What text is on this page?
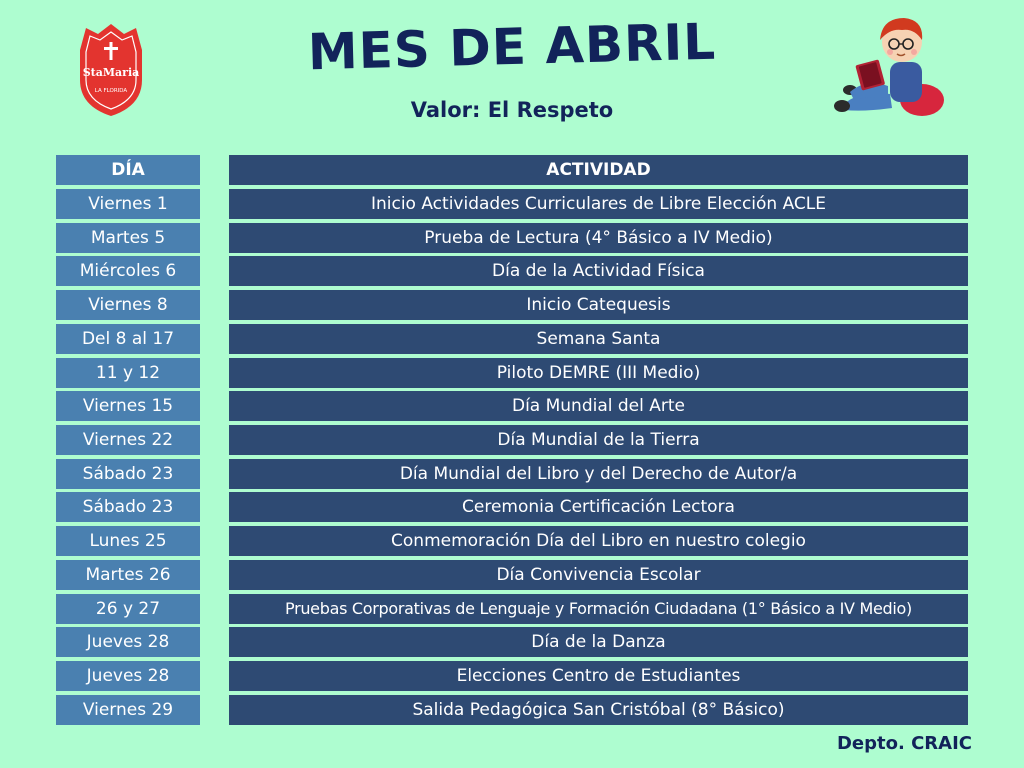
StaMaria
LA FLORIDA
MES DE ABRIL
Valor: El Respeto
DÍA	ACTIVIDAD
Viernes 1	Inicio Actividades Curriculares de Libre Elección ACLE
Martes 5	Prueba de Lectura (4° Básico a IV Medio)
Miércoles 6	Día de la Actividad Física
Viernes 8	Inicio Catequesis
Del 8 al 17	Semana Santa
11 y 12	Piloto DEMRE (III Medio)
Viernes 15	Día Mundial del Arte
Viernes 22	Día Mundial de la Tierra
Sábado 23	Día Mundial del Libro y del Derecho de Autor/a
Sábado 23	Ceremonia Certificación Lectora
Lunes 25	Conmemoración Día del Libro en nuestro colegio
Martes 26	Día Convivencia Escolar
26 y 27	Pruebas Corporativas de Lenguaje y Formación Ciudadana (1° Básico a IV Medio)
Jueves 28	Día de la Danza
Jueves 28	Elecciones Centro de Estudiantes
Viernes 29	Salida Pedagógica San Cristóbal (8° Básico)
Depto. CRAIC
